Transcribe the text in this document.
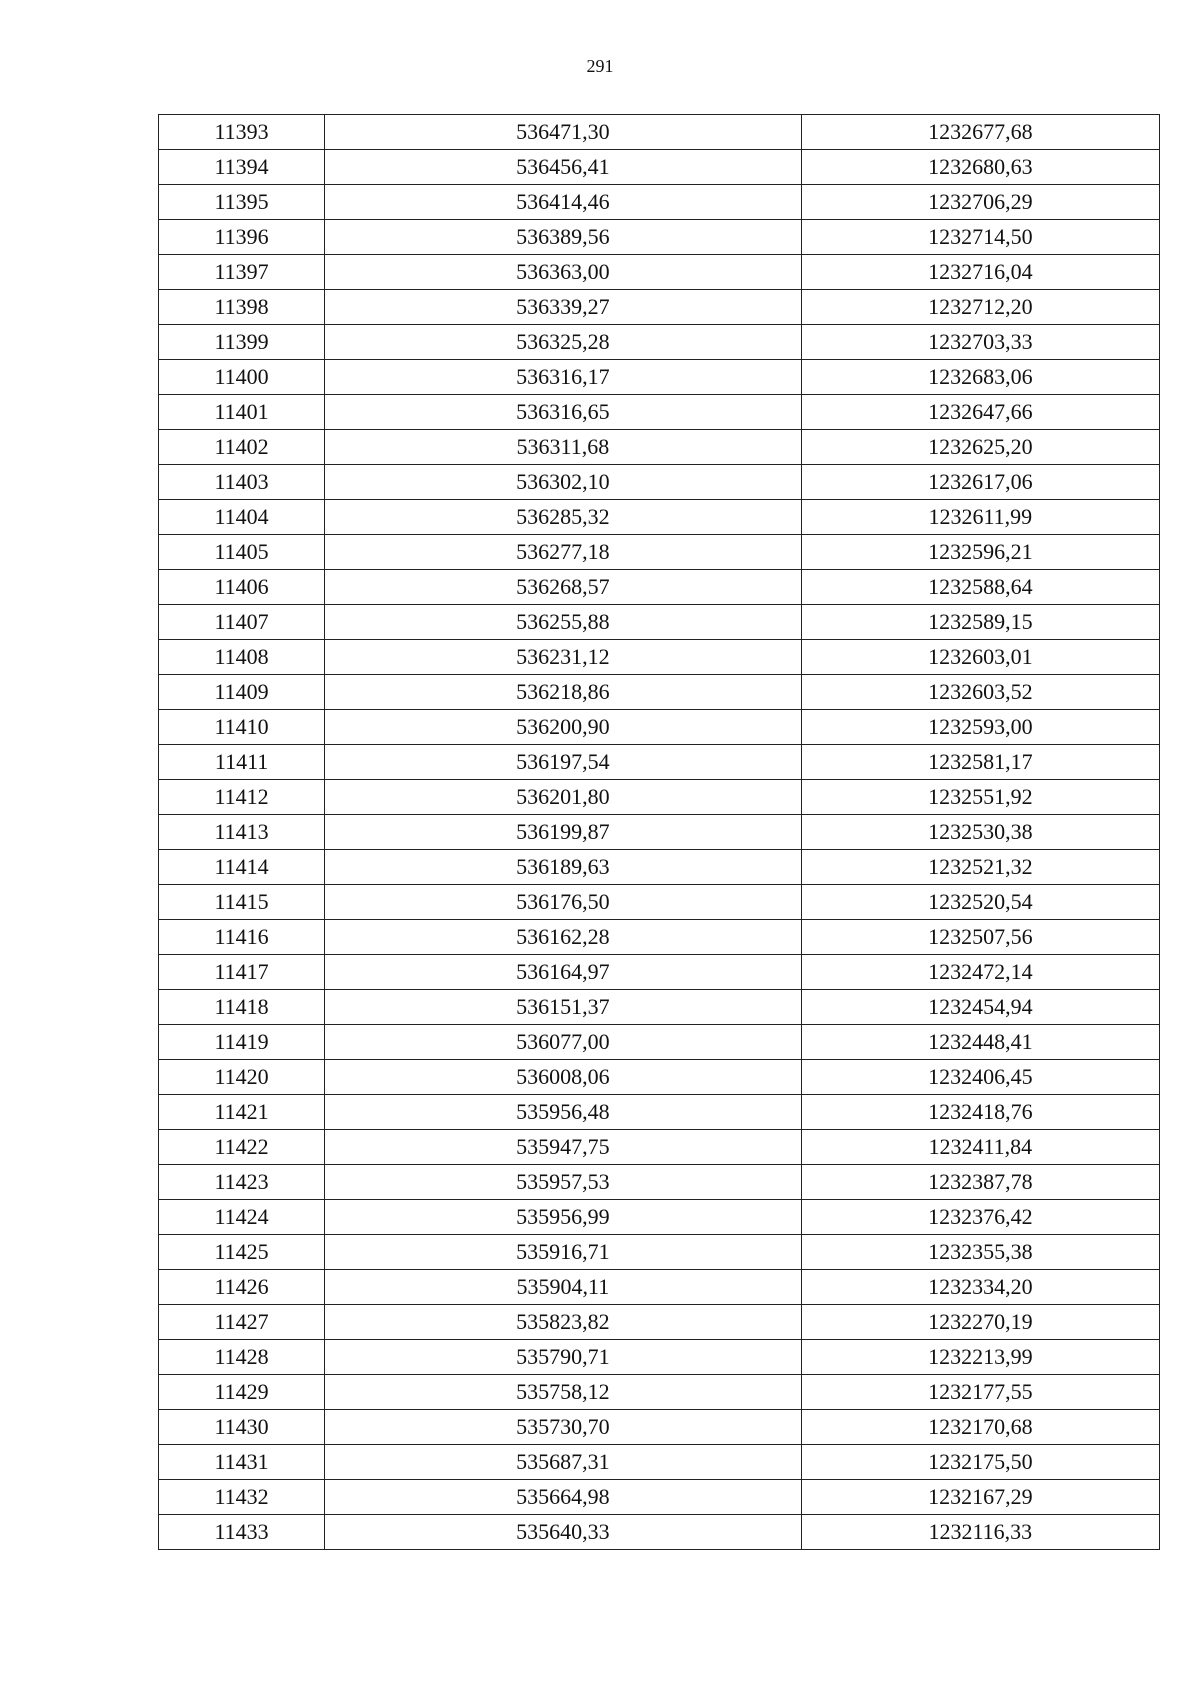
291
11393	536471,30	1232677,68
11394	536456,41	1232680,63
11395	536414,46	1232706,29
11396	536389,56	1232714,50
11397	536363,00	1232716,04
11398	536339,27	1232712,20
11399	536325,28	1232703,33
11400	536316,17	1232683,06
11401	536316,65	1232647,66
11402	536311,68	1232625,20
11403	536302,10	1232617,06
11404	536285,32	1232611,99
11405	536277,18	1232596,21
11406	536268,57	1232588,64
11407	536255,88	1232589,15
11408	536231,12	1232603,01
11409	536218,86	1232603,52
11410	536200,90	1232593,00
11411	536197,54	1232581,17
11412	536201,80	1232551,92
11413	536199,87	1232530,38
11414	536189,63	1232521,32
11415	536176,50	1232520,54
11416	536162,28	1232507,56
11417	536164,97	1232472,14
11418	536151,37	1232454,94
11419	536077,00	1232448,41
11420	536008,06	1232406,45
11421	535956,48	1232418,76
11422	535947,75	1232411,84
11423	535957,53	1232387,78
11424	535956,99	1232376,42
11425	535916,71	1232355,38
11426	535904,11	1232334,20
11427	535823,82	1232270,19
11428	535790,71	1232213,99
11429	535758,12	1232177,55
11430	535730,70	1232170,68
11431	535687,31	1232175,50
11432	535664,98	1232167,29
11433	535640,33	1232116,33
